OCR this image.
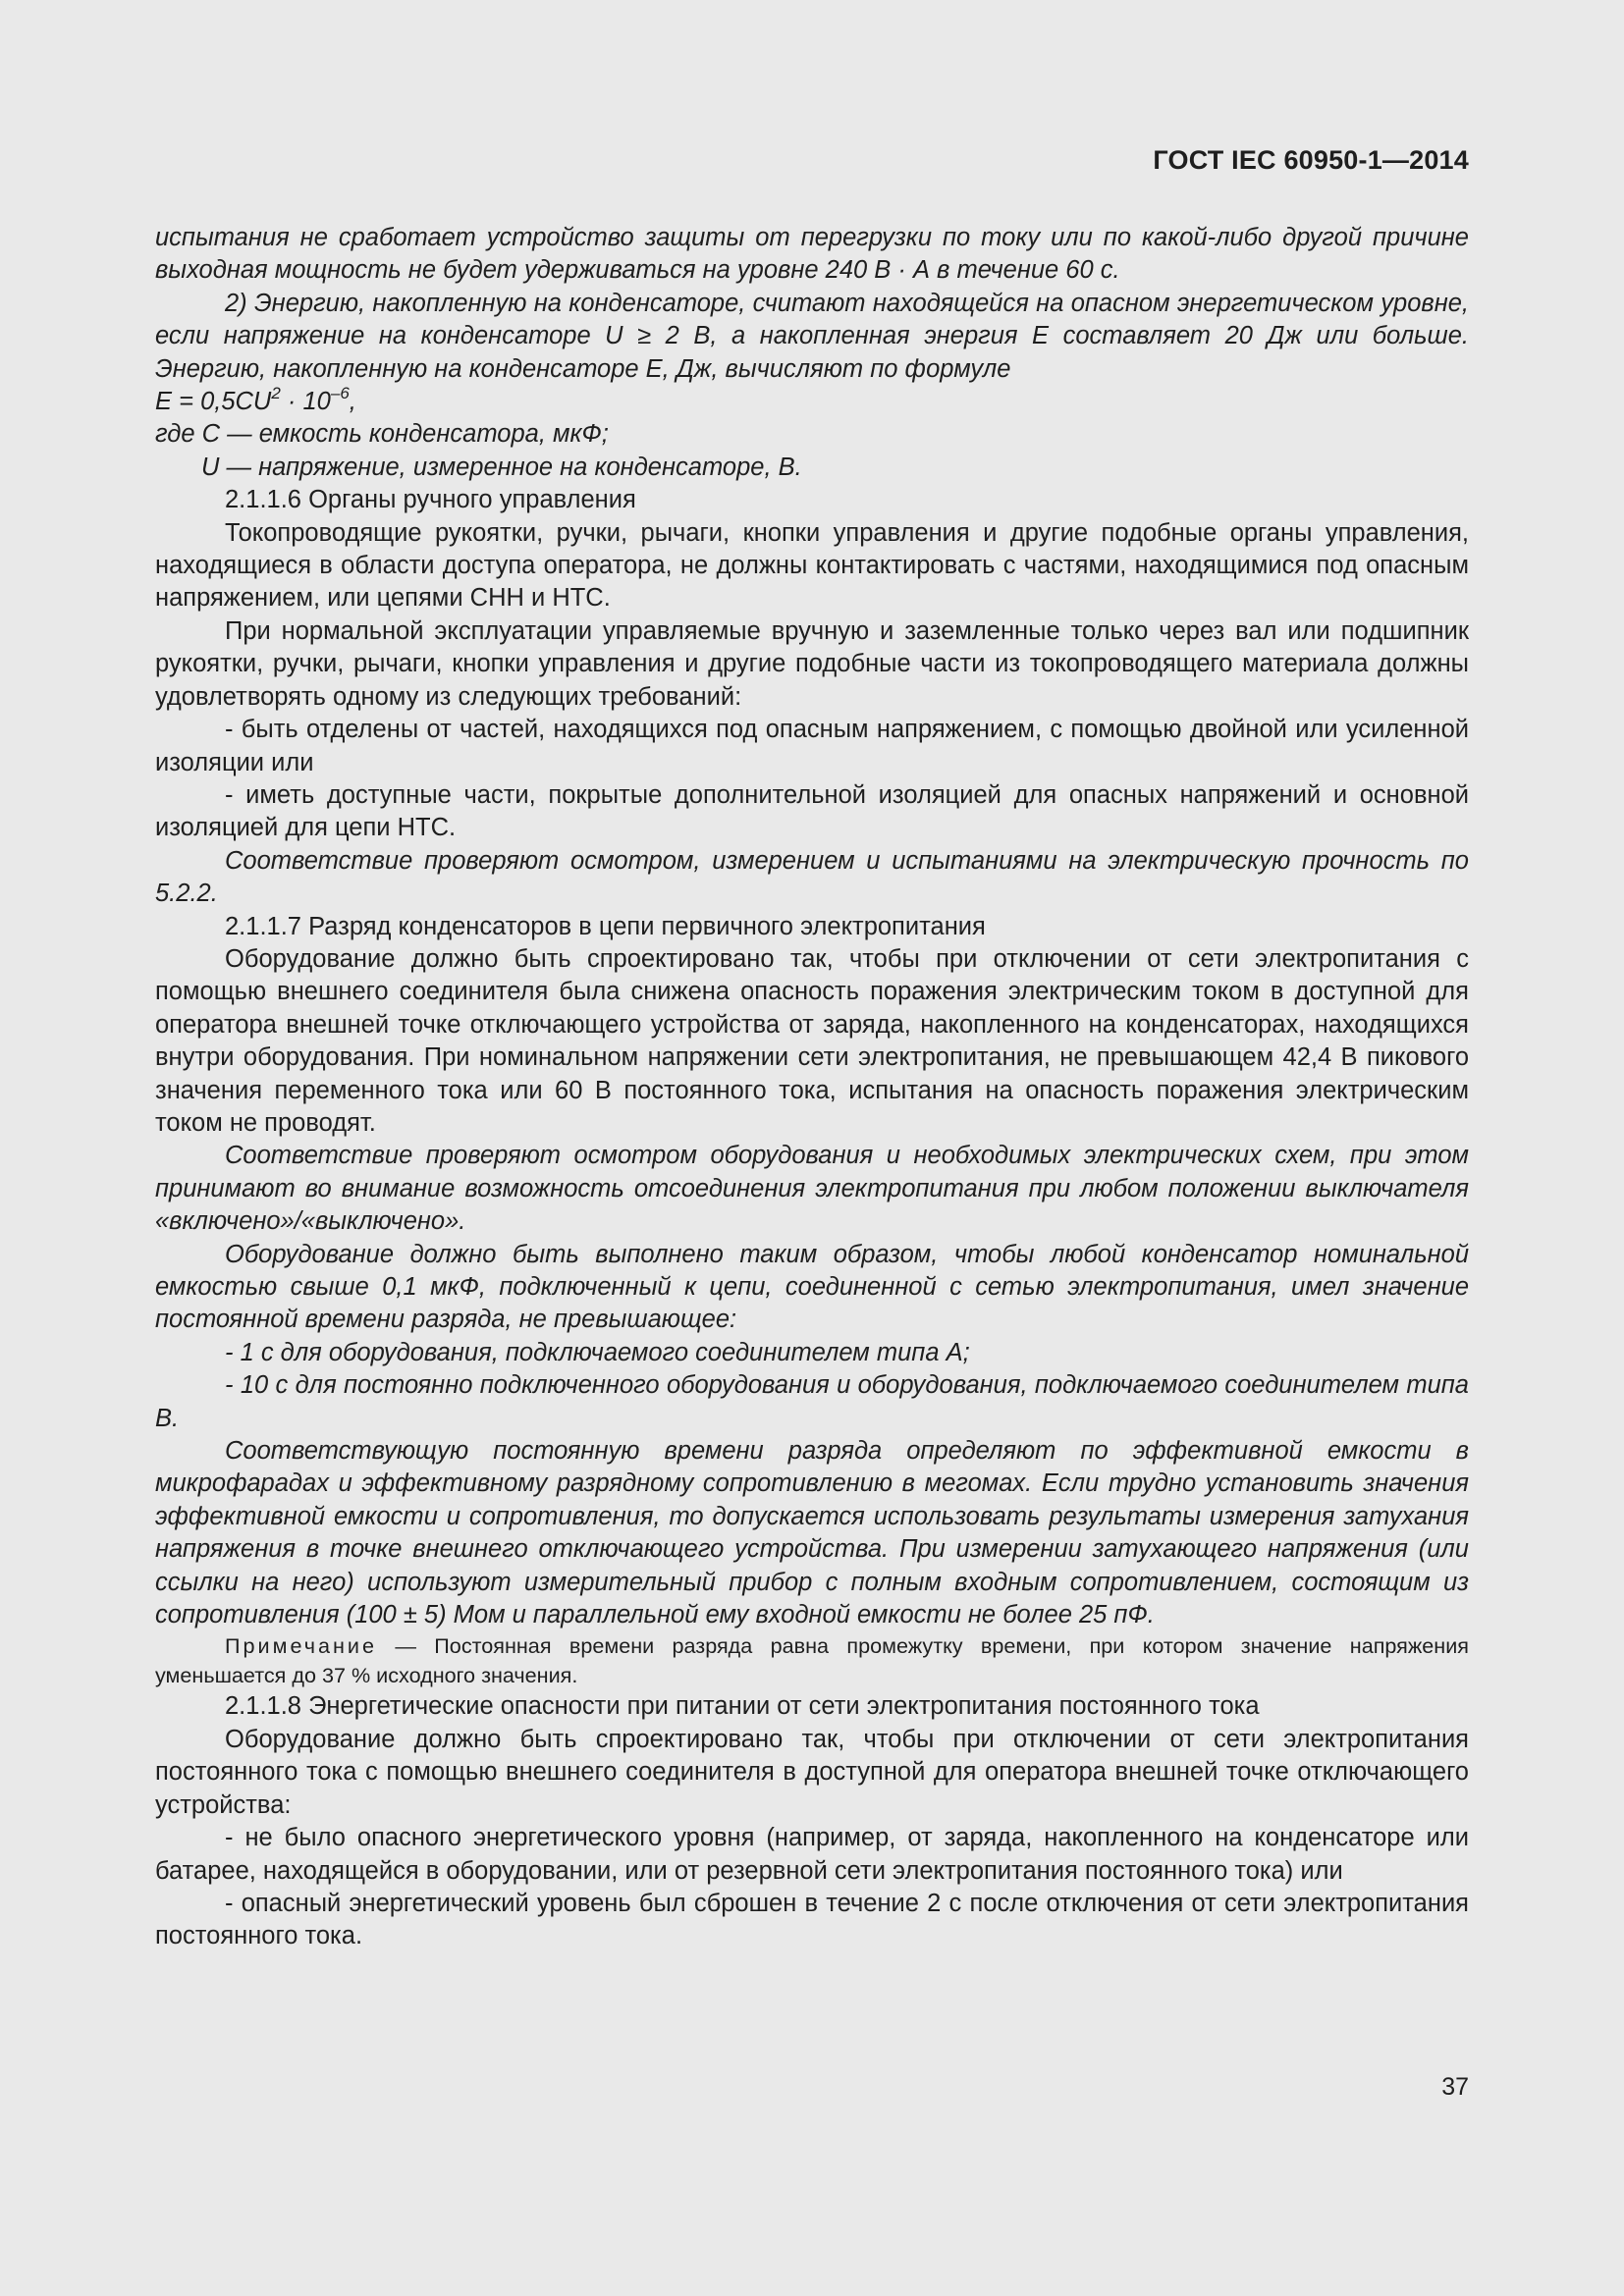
ГОСТ IEC 60950-1—2014

испытания не сработает устройство защиты от перегрузки по току или по какой-либо другой причине выходная мощность не будет удерживаться на уровне 240 В · А в течение 60 с.

2) Энергию, накопленную на конденсаторе, считают находящейся на опасном энергетическом уровне, если напряжение на конденсаторе U ≥ 2 В, а накопленная энергия E составляет 20 Дж или больше. Энергию, накопленную на конденсаторе E, Дж, вычисляют по формуле

$E = 0,5CU^2 \cdot 10^{-6}$,

где С — емкость конденсатора, мкФ;

U — напряжение, измеренное на конденсаторе, В.

2.1.1.6 Органы ручного управления

Токопроводящие рукоятки, ручки, рычаги, кнопки управления и другие подобные органы управления, находящиеся в области доступа оператора, не должны контактировать с частями, находящимися под опасным напряжением, или цепями СНН и НТС.

При нормальной эксплуатации управляемые вручную и заземленные только через вал или подшипник рукоятки, ручки, рычаги, кнопки управления и другие подобные части из токопроводящего материала должны удовлетворять одному из следующих требований:

- быть отделены от частей, находящихся под опасным напряжением, с помощью двойной или усиленной изоляции или

- иметь доступные части, покрытые дополнительной изоляцией для опасных напряжений и основной изоляцией для цепи НТС.

Соответствие проверяют осмотром, измерением и испытаниями на электрическую прочность по 5.2.2.

2.1.1.7 Разряд конденсаторов в цепи первичного электропитания

Оборудование должно быть спроектировано так, чтобы при отключении от сети электропитания с помощью внешнего соединителя была снижена опасность поражения электрическим током в доступной для оператора внешней точке отключающего устройства от заряда, накопленного на конденсаторах, находящихся внутри оборудования. При номинальном напряжении сети электропитания, не превышающем 42,4 В пикового значения переменного тока или 60 В постоянного тока, испытания на опасность поражения электрическим током не проводят.

Соответствие проверяют осмотром оборудования и необходимых электрических схем, при этом принимают во внимание возможность отсоединения электропитания при любом положении выключателя «включено»/«выключено».

Оборудование должно быть выполнено таким образом, чтобы любой конденсатор номинальной емкостью свыше 0,1 мкФ, подключенный к цепи, соединенной с сетью электропитания, имел значение постоянной времени разряда, не превышающее:

- 1 с для оборудования, подключаемого соединителем типа А;

- 10 с для постоянно подключенного оборудования и оборудования, подключаемого соединителем типа В.

Соответствующую постоянную времени разряда определяют по эффективной емкости в микрофарадах и эффективному разрядному сопротивлению в мегомах. Если трудно установить значения эффективной емкости и сопротивления, то допускается использовать результаты измерения затухания напряжения в точке внешнего отключающего устройства. При измерении затухающего напряжения (или ссылки на него) используют измерительный прибор с полным входным сопротивлением, состоящим из сопротивления (100 ± 5) Мом и параллельной ему входной емкости не более 25 пФ.

Примечание — Постоянная времени разряда равна промежутку времени, при котором значение напряжения уменьшается до 37 % исходного значения.

2.1.1.8 Энергетические опасности при питании от сети электропитания постоянного тока

Оборудование должно быть спроектировано так, чтобы при отключении от сети электропитания постоянного тока с помощью внешнего соединителя в доступной для оператора внешней точке отключающего устройства:

- не было опасного энергетического уровня (например, от заряда, накопленного на конденсаторе или батарее, находящейся в оборудовании, или от резервной сети электропитания постоянного тока) или

- опасный энергетический уровень был сброшен в течение 2 с после отключения от сети электропитания постоянного тока.

37
